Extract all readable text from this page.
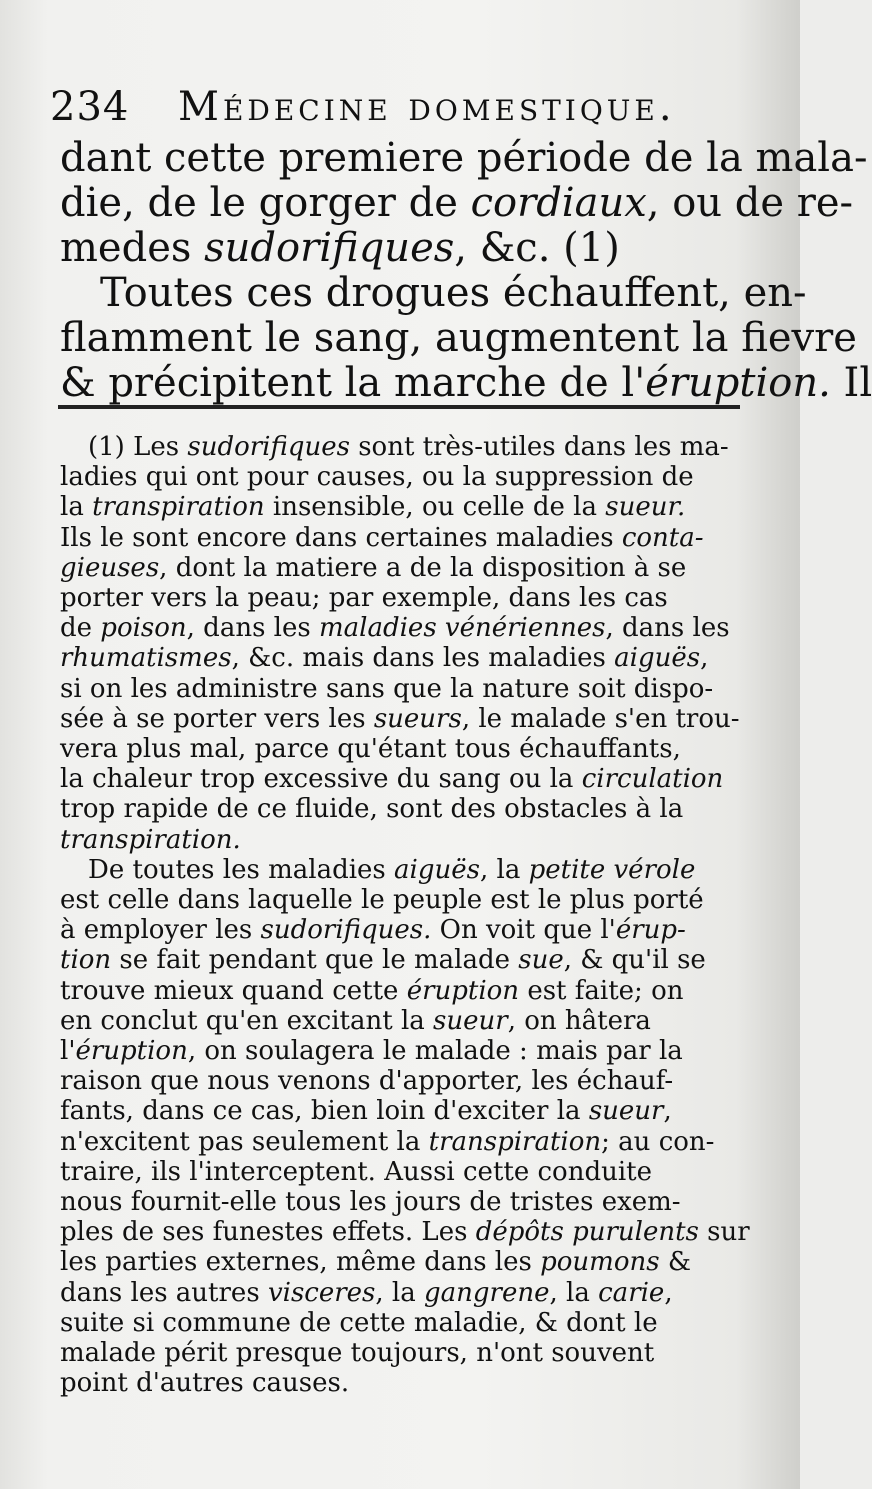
234 Médecine domestique.
dant cette premiere période de la mala-
die, de le gorger de cordiaux, ou de re-
medes sudorifiques, &c. (1)
Toutes ces drogues échauffent, en-
flamment le sang, augmentent la fievre
& précipitent la marche de l'éruption. Il
(1) Les sudorifiques sont très-utiles dans les ma-
ladies qui ont pour causes, ou la suppression de
la transpiration insensible, ou celle de la sueur.
Ils le sont encore dans certaines maladies conta-
gieuses, dont la matiere a de la disposition à se
porter vers la peau; par exemple, dans les cas
de poison, dans les maladies vénériennes, dans les
rhumatismes, &c. mais dans les maladies aiguës,
si on les administre sans que la nature soit dispo-
sée à se porter vers les sueurs, le malade s'en trou-
vera plus mal, parce qu'étant tous échauffants,
la chaleur trop excessive du sang ou la circulation
trop rapide de ce fluide, sont des obstacles à la
transpiration.
De toutes les maladies aiguës, la petite vérole
est celle dans laquelle le peuple est le plus porté
à employer les sudorifiques. On voit que l'érup-
tion se fait pendant que le malade sue, & qu'il se
trouve mieux quand cette éruption est faite; on
en conclut qu'en excitant la sueur, on hâtera
l'éruption, on soulagera le malade : mais par la
raison que nous venons d'apporter, les échauf-
fants, dans ce cas, bien loin d'exciter la sueur,
n'excitent pas seulement la transpiration; au con-
traire, ils l'interceptent. Aussi cette conduite
nous fournit-elle tous les jours de tristes exem-
ples de ses funestes effets. Les dépôts purulents sur
les parties externes, même dans les poumons &
dans les autres visceres, la gangrene, la carie,
suite si commune de cette maladie, & dont le
malade périt presque toujours, n'ont souvent
point d'autres causes.
